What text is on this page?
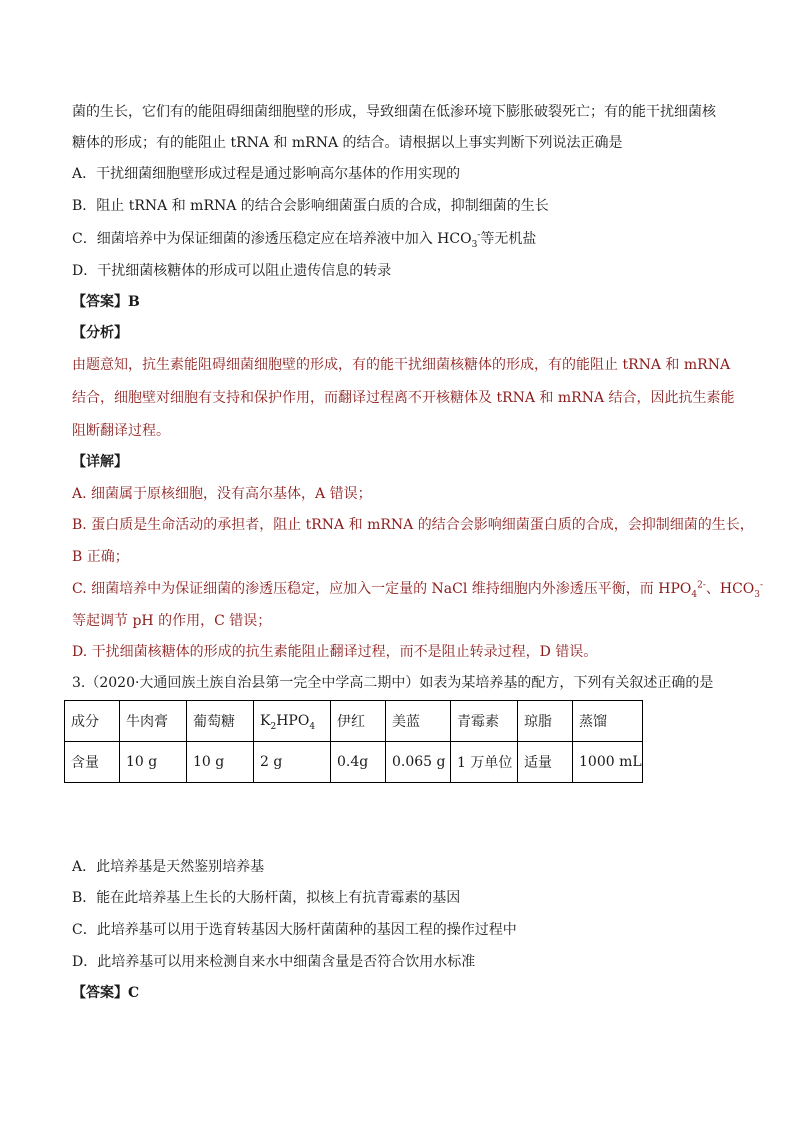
菌的生长，它们有的能阻碍细菌细胞壁的形成，导致细菌在低渗环境下膨胀破裂死亡；有的能干扰细菌核
糖体的形成；有的能阻止 tRNA 和 mRNA 的结合。请根据以上事实判断下列说法正确是
A．干扰细菌细胞壁形成过程是通过影响高尔基体的作用实现的
B．阻止 tRNA 和 mRNA 的结合会影响细菌蛋白质的合成，抑制细菌的生长
C．细菌培养中为保证细菌的渗透压稳定应在培养液中加入 $HCO_3^-$等无机盐
D．干扰细菌核糖体的形成可以阻止遗传信息的转录
【答案】B
【分析】
由题意知，抗生素能阻碍细菌细胞壁的形成，有的能干扰细菌核糖体的形成，有的能阻止 tRNA 和 mRNA
结合，细胞壁对细胞有支持和保护作用，而翻译过程离不开核糖体及 tRNA 和 mRNA 结合，因此抗生素能
阻断翻译过程。
【详解】
A. 细菌属于原核细胞，没有高尔基体，A 错误；
B. 蛋白质是生命活动的承担者，阻止 tRNA 和 mRNA 的结合会影响细菌蛋白质的合成，会抑制细菌的生长，
B 正确；
C. 细菌培养中为保证细菌的渗透压稳定，应加入一定量的 NaCl 维持细胞内外渗透压平衡，而 $HPO_4^{2-}$、$HCO_3^-$
等起调节 pH 的作用，C 错误；
D. 干扰细菌核糖体的形成的抗生素能阻止翻译过程，而不是阻止转录过程，D 错误。
3.（2020·大通回族土族自治县第一完全中学高二期中）如表为某培养基的配方，下列有关叙述正确的是
成分	牛肉膏	葡萄糖	$K_2HPO_4$	伊红	美蓝	青霉素	琼脂	蒸馏
含量	10 g	10 g	2 g	0.4g	0.065 g	1 万单位	适量	1000 mL
A．此培养基是天然鉴别培养基
B．能在此培养基上生长的大肠杆菌，拟核上有抗青霉素的基因
C．此培养基可以用于选育转基因大肠杆菌菌种的基因工程的操作过程中
D．此培养基可以用来检测自来水中细菌含量是否符合饮用水标准
【答案】C
